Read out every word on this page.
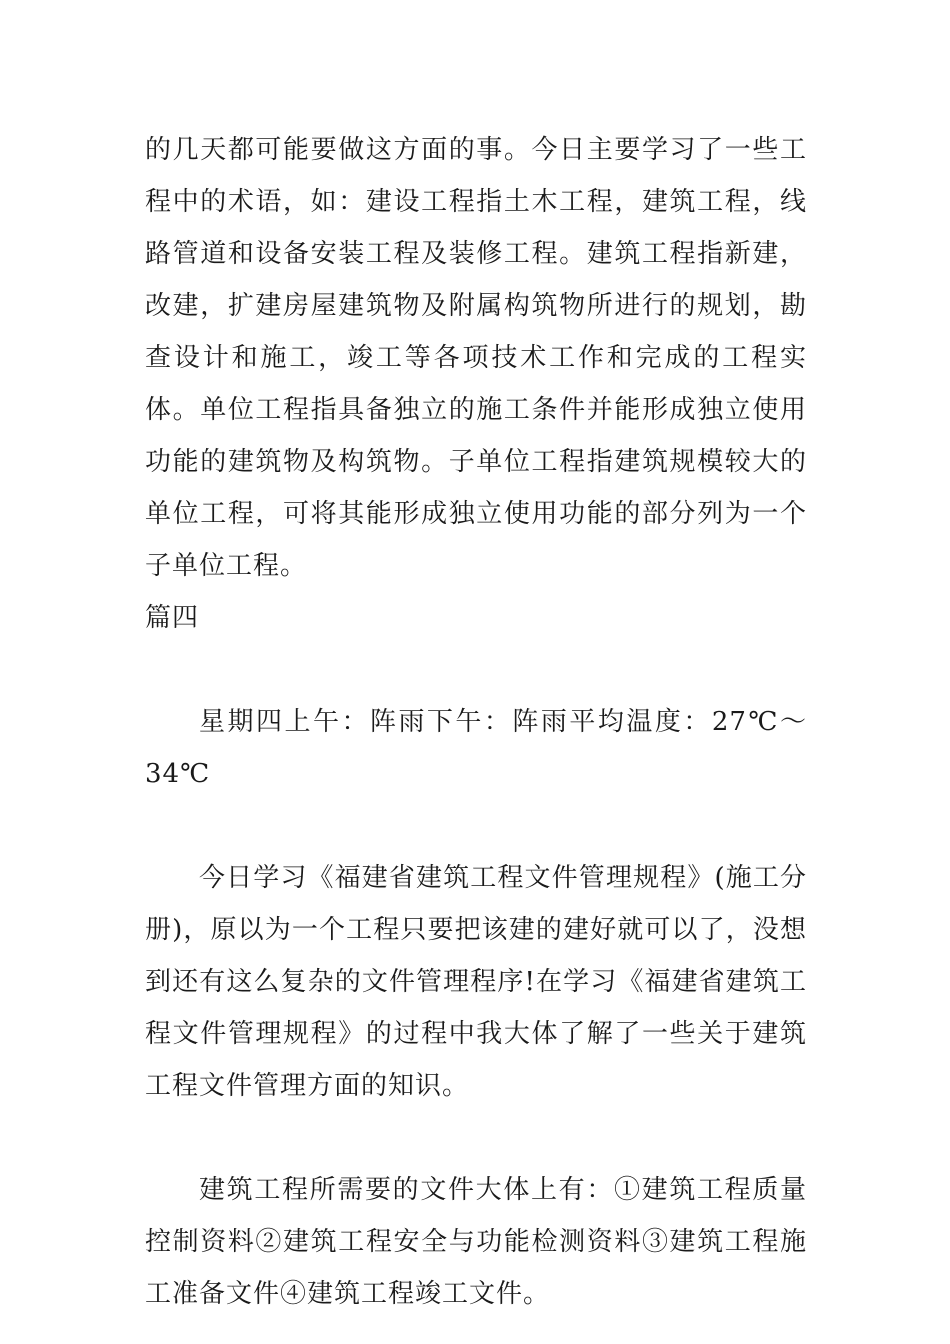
的几天都可能要做这方面的事。今日主要学习了一些工程中的术语，如：建设工程指土木工程，建筑工程，线路管道和设备安装工程及装修工程。建筑工程指新建，改建，扩建房屋建筑物及附属构筑物所进行的规划，勘查设计和施工，竣工等各项技术工作和完成的工程实体。单位工程指具备独立的施工条件并能形成独立使用功能的建筑物及构筑物。子单位工程指建筑规模较大的单位工程，可将其能形成独立使用功能的部分列为一个子单位工程。

篇四

星期四上午：阵雨下午：阵雨平均温度：27℃～34℃

今日学习《福建省建筑工程文件管理规程》(施工分册)，原以为一个工程只要把该建的建好就可以了，没想到还有这么复杂的文件管理程序!在学习《福建省建筑工程文件管理规程》的过程中我大体了解了一些关于建筑工程文件管理方面的知识。

建筑工程所需要的文件大体上有：①建筑工程质量控制资料②建筑工程安全与功能检测资料③建筑工程施工准备文件④建筑工程竣工文件。
